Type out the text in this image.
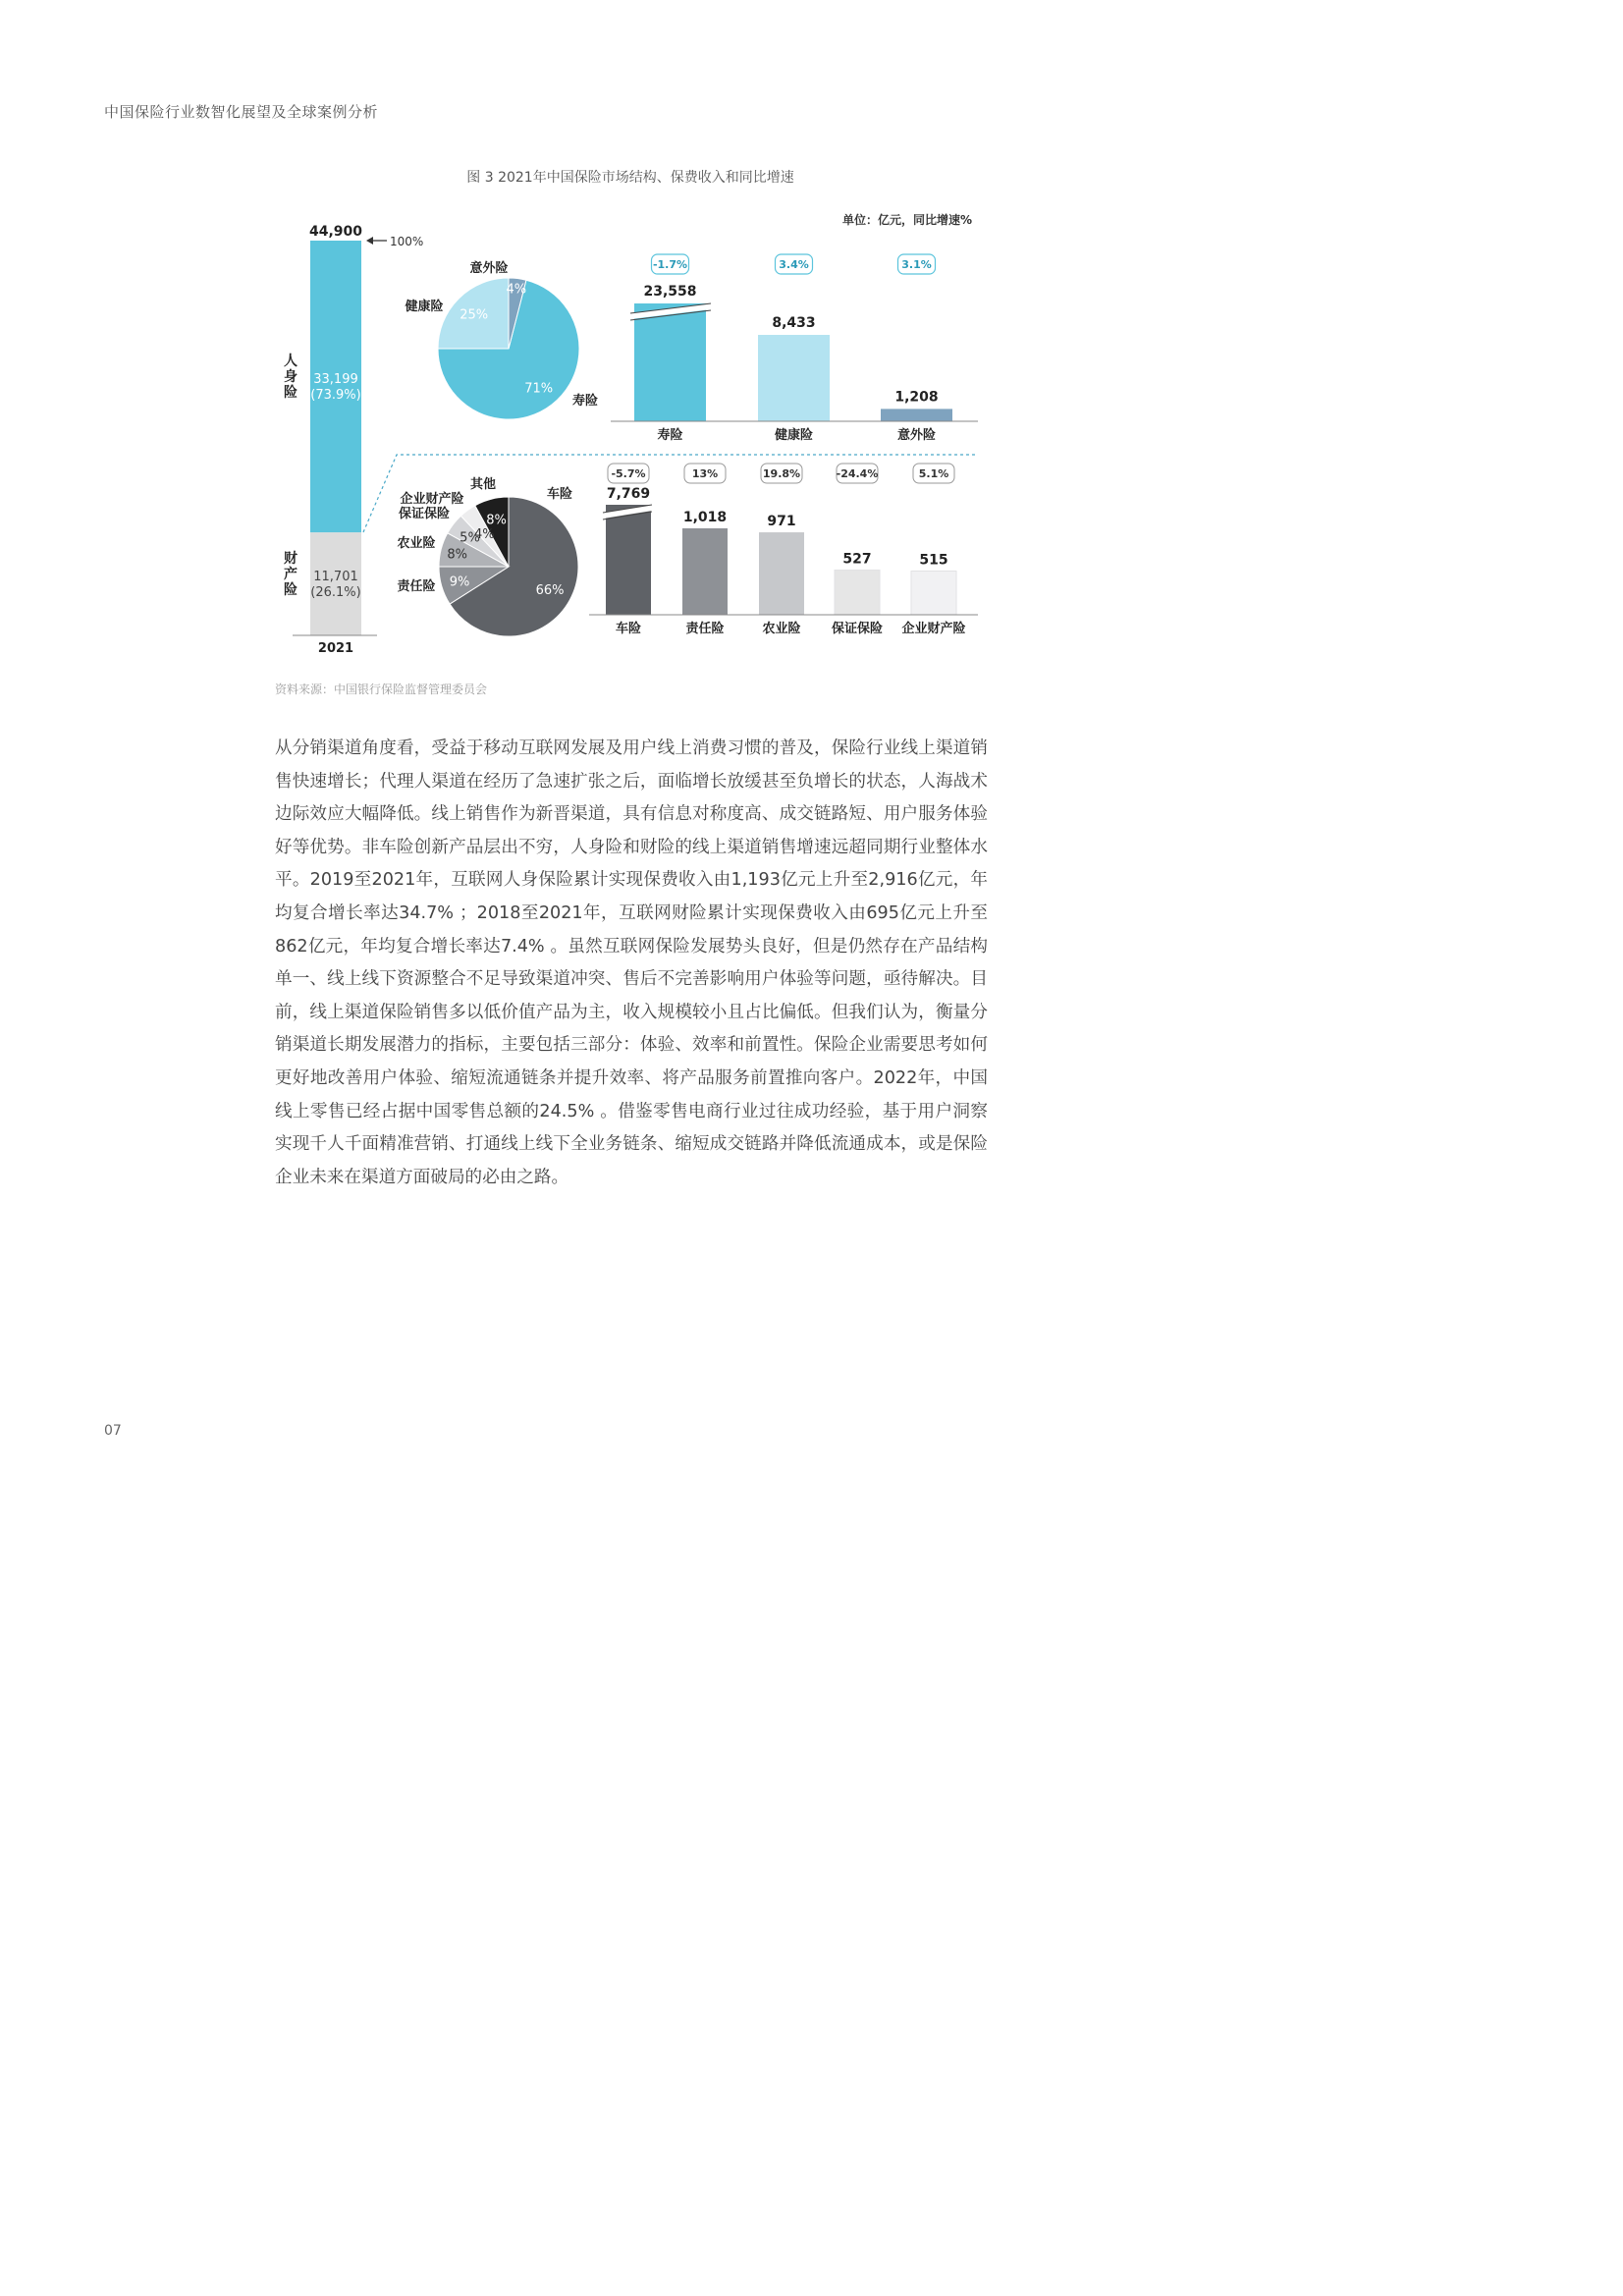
中国保险行业数智化展望及全球案例分析
图 3 2021年中国保险市场结构、保费收入和同比增速
单位：亿元，同比增速%
44,900
100%
33,199
(73.9%)
11,701
(26.1%)
人
身
险
财
产
险
2021
71%
25%
4%
寿险
健康险
意外险
23,558
寿险
-1.7%
8,433
健康险
3.4%
1,208
意外险
3.1%
66%
9%
8%
5%
4%
8%
车险
责任险
农业险
保证保险
企业财产险
其他
7,769
车险
-5.7%
1,018
责任险
13%
971
农业险
19.8%
527
保证保险
-24.4%
515
企业财产险
5.1%
资料来源：中国银行保险监督管理委员会
从分销渠道角度看，受益于移动互联网发展及用户线上消费习惯的普及，保险行业线上渠道销售快速增长；代理人渠道在经历了急速扩张之后，面临增长放缓甚至负增长的状态，人海战术边际效应大幅降低。线上销售作为新晋渠道，具有信息对称度高、成交链路短、用户服务体验好等优势。非车险创新产品层出不穷，人身险和财险的线上渠道销售增速远超同期行业整体水平。2019至2021年，互联网人身保险累计实现保费收入由1,193亿元上升至2,916亿元，年均复合增长率达34.7% ；2018至2021年，互联网财险累计实现保费收入由695亿元上升至862亿元，年均复合增长率达7.4% 。虽然互联网保险发展势头良好，但是仍然存在产品结构单一、线上线下资源整合不足导致渠道冲突、售后不完善影响用户体验等问题，亟待解决。目前，线上渠道保险销售多以低价值产品为主，收入规模较小且占比偏低。但我们认为，衡量分销渠道长期发展潜力的指标，主要包括三部分：体验、效率和前置性。保险企业需要思考如何更好地改善用户体验、缩短流通链条并提升效率、将产品服务前置推向客户。2022年，中国线上零售已经占据中国零售总额的24.5% 。借鉴零售电商行业过往成功经验，基于用户洞察实现千人千面精准营销、打通线上线下全业务链条、缩短成交链路并降低流通成本，或是保险企业未来在渠道方面破局的必由之路。
07
